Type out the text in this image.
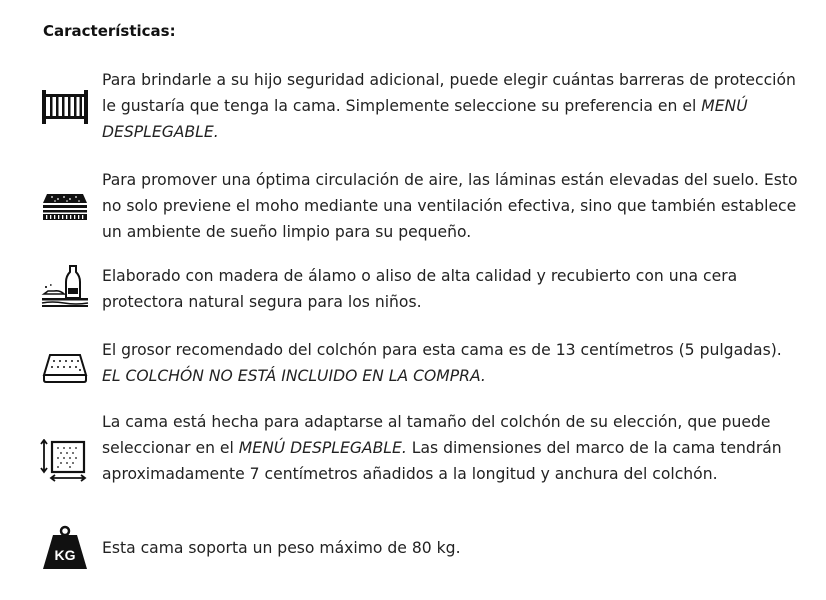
Características:
Para brindarle a su hijo seguridad adicional, puede elegir cuántas barreras de protección le gustaría que tenga la cama. Simplemente seleccione su preferencia en el MENÚ DESPLEGABLE.
Para promover una óptima circulación de aire, las láminas están elevadas del suelo. Esto no solo previene el moho mediante una ventilación efectiva, sino que también establece un ambiente de sueño limpio para su pequeño.
Elaborado con madera de álamo o aliso de alta calidad y recubierto con una cera protectora natural segura para los niños.
El grosor recomendado del colchón para esta cama es de 13 centímetros (5 pulgadas). EL COLCHÓN NO ESTÁ INCLUIDO EN LA COMPRA.
La cama está hecha para adaptarse al tamaño del colchón de su elección, que puede seleccionar en el MENÚ DESPLEGABLE. Las dimensiones del marco de la cama tendrán aproximadamente 7 centímetros añadidos a la longitud y anchura del colchón.
KG Esta cama soporta un peso máximo de 80 kg.
